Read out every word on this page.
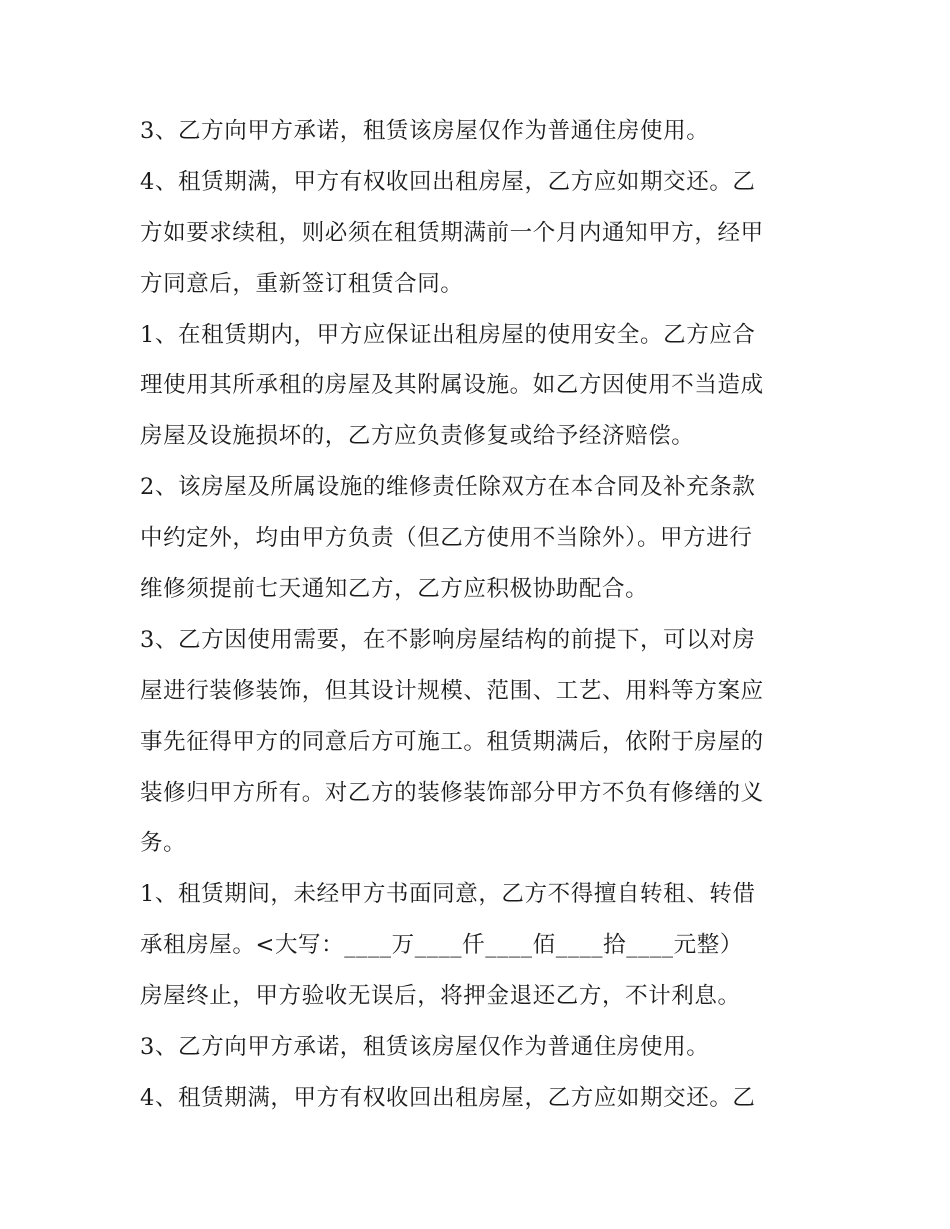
3、乙方向甲方承诺，租赁该房屋仅作为普通住房使用。
4、租赁期满，甲方有权收回出租房屋，乙方应如期交还。乙
方如要求续租，则必须在租赁期满前一个月内通知甲方，经甲
方同意后，重新签订租赁合同。
1、在租赁期内，甲方应保证出租房屋的使用安全。乙方应合
理使用其所承租的房屋及其附属设施。如乙方因使用不当造成
房屋及设施损坏的，乙方应负责修复或给予经济赔偿。
2、该房屋及所属设施的维修责任除双方在本合同及补充条款
中约定外，均由甲方负责（但乙方使用不当除外）。甲方进行
维修须提前七天通知乙方，乙方应积极协助配合。
3、乙方因使用需要，在不影响房屋结构的前提下，可以对房
屋进行装修装饰，但其设计规模、范围、工艺、用料等方案应
事先征得甲方的同意后方可施工。租赁期满后，依附于房屋的
装修归甲方所有。对乙方的装修装饰部分甲方不负有修缮的义
务。
1、租赁期间，未经甲方书面同意，乙方不得擅自转租、转借
承租房屋。<大写：____万____仟____佰____拾____元整）
房屋终止，甲方验收无误后，将押金退还乙方，不计利息。
3、乙方向甲方承诺，租赁该房屋仅作为普通住房使用。
4、租赁期满，甲方有权收回出租房屋，乙方应如期交还。乙
